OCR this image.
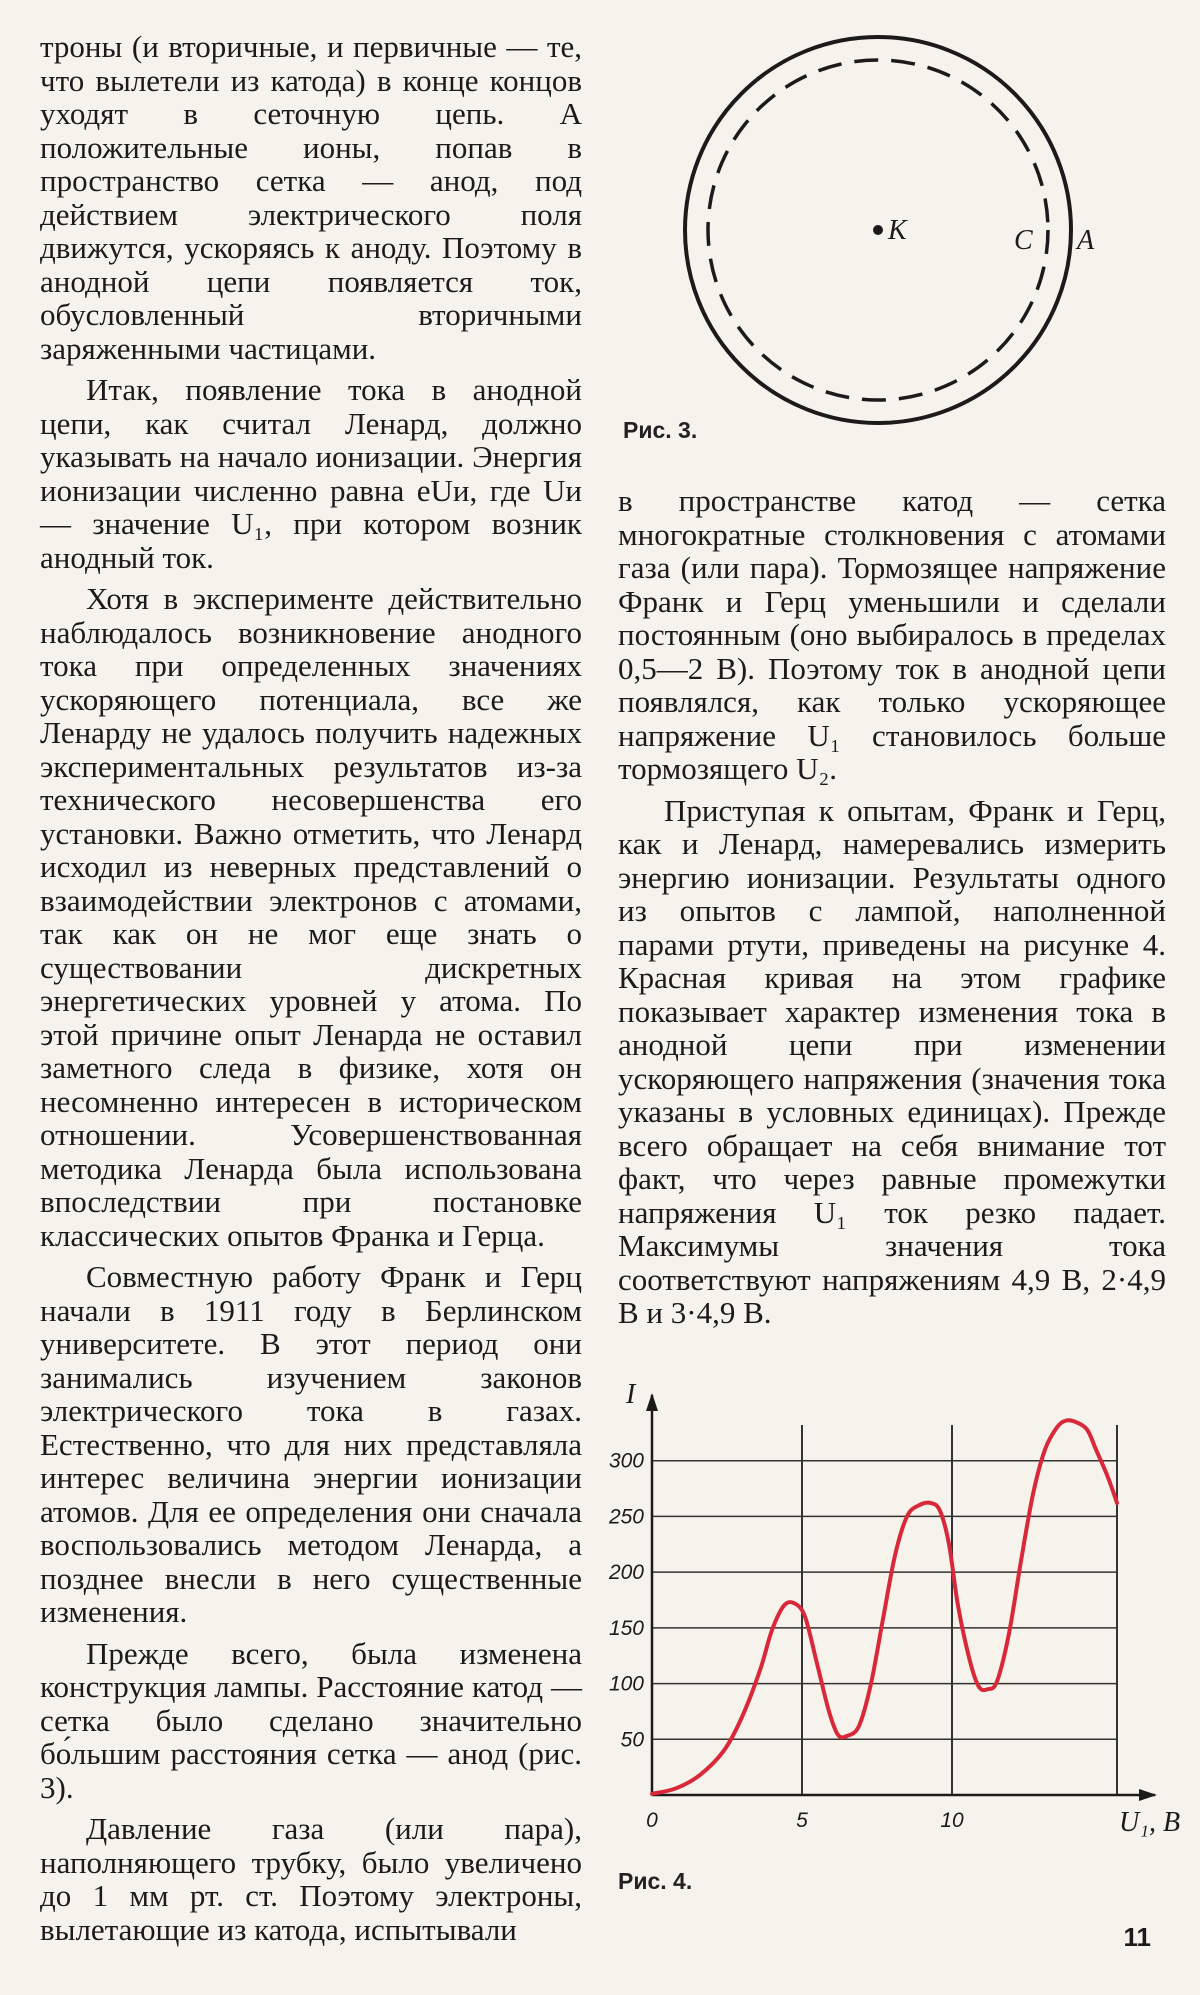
троны (и вторичные, и первичные — те, что вылетели из катода) в конце концов уходят в сеточную цепь. А положительные ионы, попав в пространство сетка — анод, под действием электрического поля движутся, ускоряясь к аноду. Поэтому в анодной цепи появляется ток, обусловленный вторичными заряженными частицами.

Итак, появление тока в анодной цепи, как считал Ленард, должно указывать на начало ионизации. Энергия ионизации численно равна eUи, где Uи — значение U₁, при котором возник анодный ток.

Хотя в эксперименте действительно наблюдалось возникновение анодного тока при определенных значениях ускоряющего потенциала, все же Ленарду не удалось получить надежных экспериментальных результатов из-за технического несовершенства его установки. Важно отметить, что Ленард исходил из неверных представлений о взаимодействии электронов с атомами, так как он не мог еще знать о существовании дискретных энергетических уровней у атома. По этой причине опыт Ленарда не оставил заметного следа в физике, хотя он несомненно интересен в историческом отношении. Усовершенствованная методика Ленарда была использована впоследствии при постановке классических опытов Франка и Герца.

Совместную работу Франк и Герц начали в 1911 году в Берлинском университете. В этот период они занимались изучением законов электрического тока в газах. Естественно, что для них представляла интерес величина энергии ионизации атомов. Для ее определения они сначала воспользовались методом Ленарда, а позднее внесли в него существенные изменения.

Прежде всего, была изменена конструкция лампы. Расстояние катод — сетка было сделано значительно бо́льшим расстояния сетка — анод (рис. 3).

Давление газа (или пара), наполняющего трубку, было увеличено до 1 мм рт. ст. Поэтому электроны, вылетающие из катода, испытывали

в пространстве катод — сетка многократные столкновения с атомами газа (или пара). Тормозящее напряжение Франк и Герц уменьшили и сделали постоянным (оно выбиралось в пределах 0,5—2 В). Поэтому ток в анодной цепи появлялся, как только ускоряющее напряжение U₁ становилось больше тормозящего U₂.

Приступая к опытам, Франк и Герц, как и Ленард, намеревались измерить энергию ионизации. Результаты одного из опытов с лампой, наполненной парами ртути, приведены на рисунке 4. Красная кривая на этом графике показывает характер изменения тока в анодной цепи при изменении ускоряющего напряжения (значения тока указаны в условных единицах). Прежде всего обращает на себя внимание тот факт, что через равные промежутки напряжения U₁ ток резко падает. Максимумы значения тока соответствуют напряжениям 4,9 В, 2·4,9 В и 3·4,9 В.

K	C A
Рис. 3.
50
100
150
200
250
300
0	5	10
I
U₁, B
Рис. 4.
11
